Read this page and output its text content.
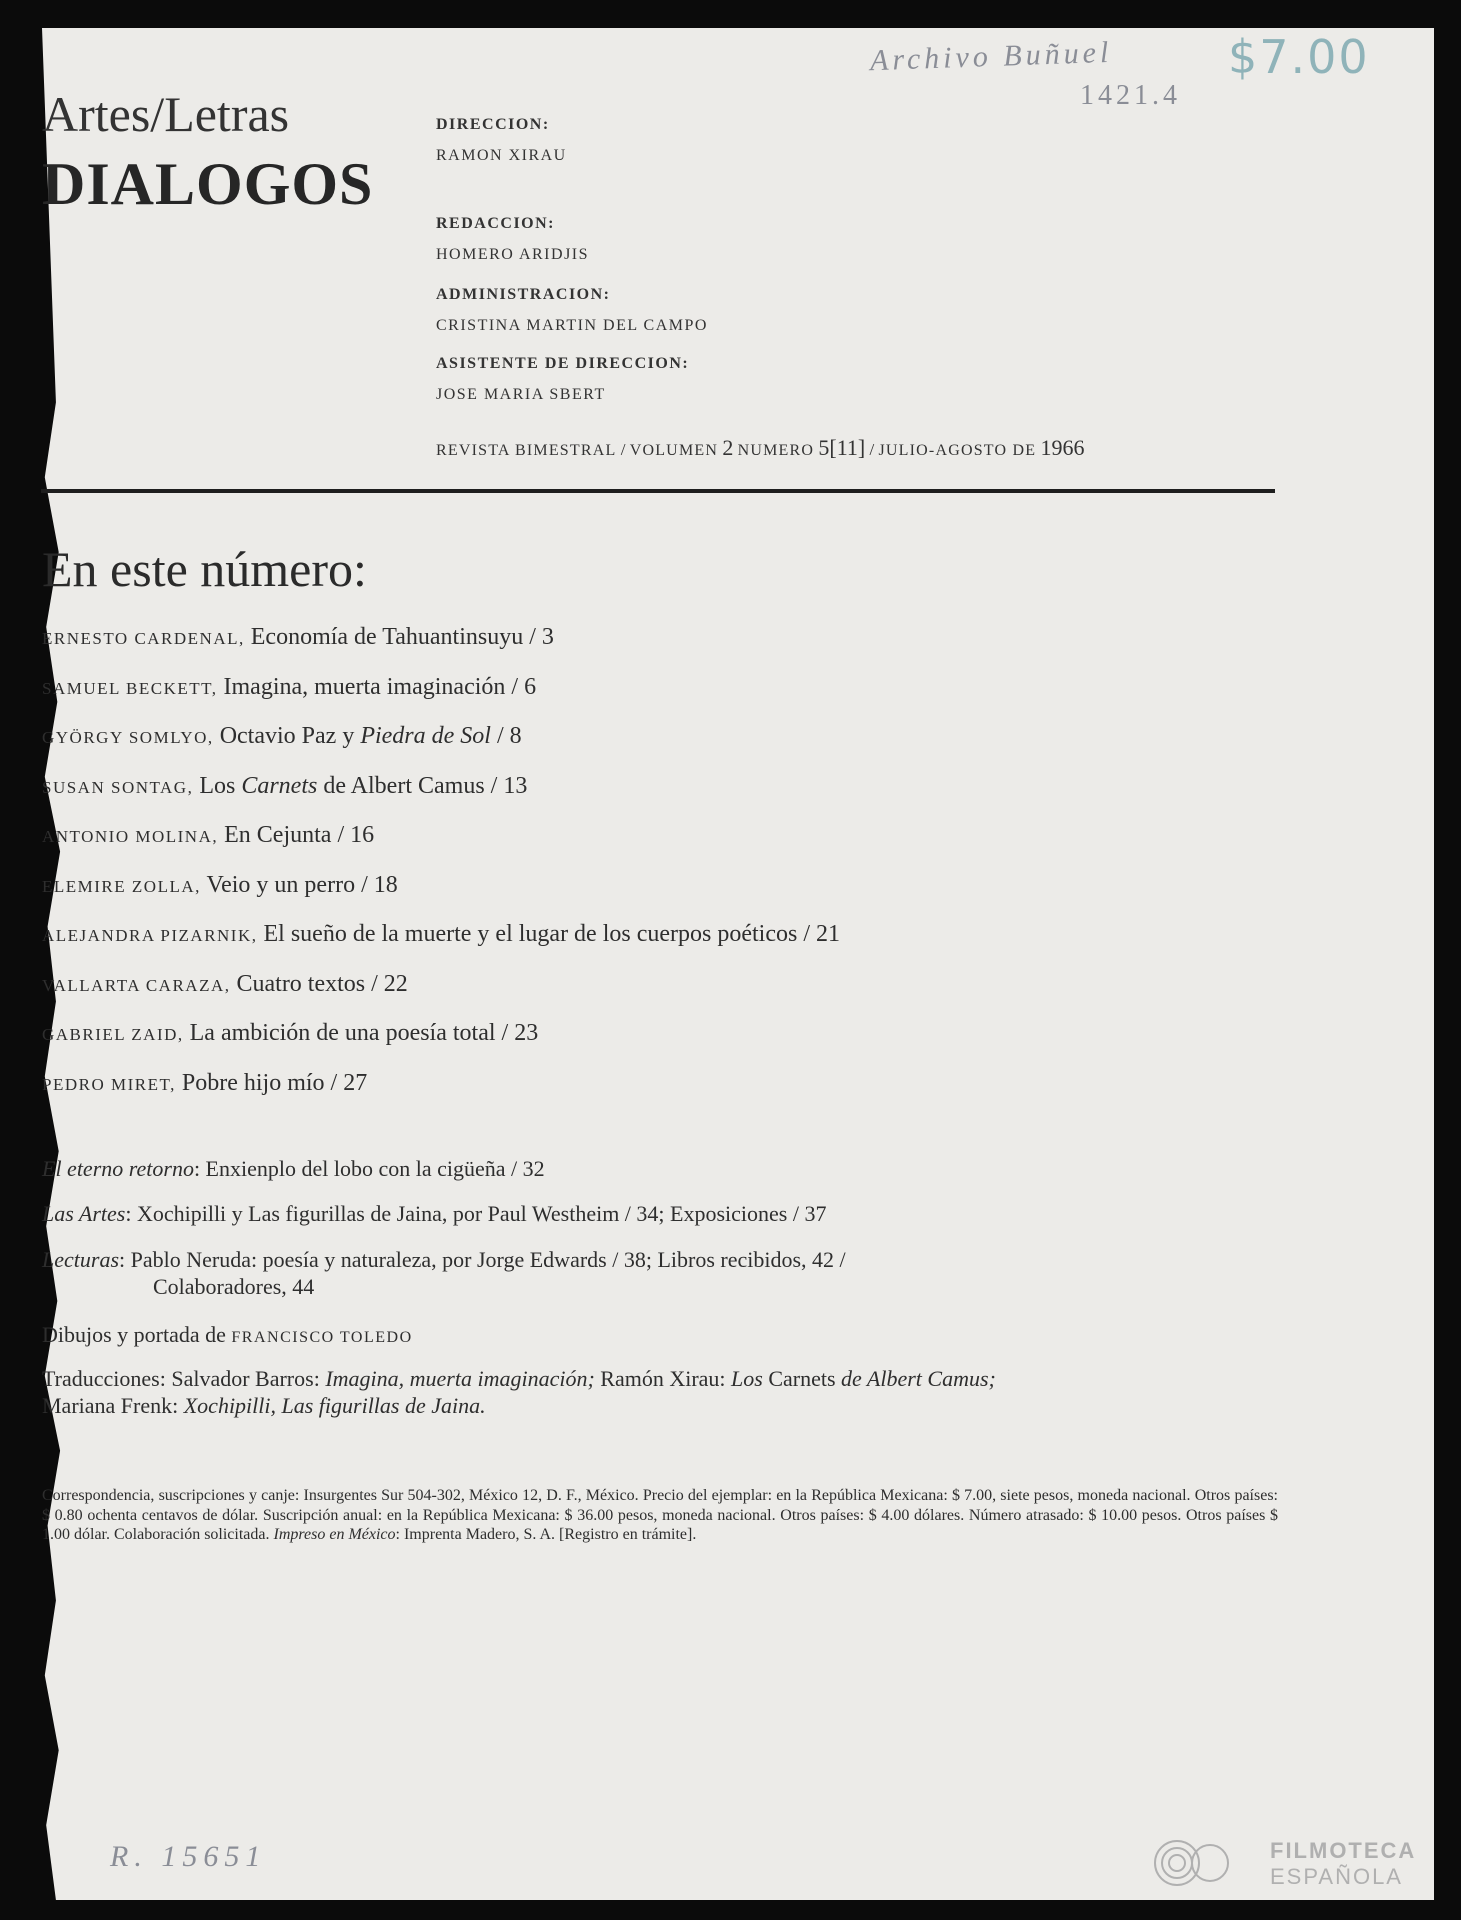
Archivo Buñuel
1421.4
$7.00
Artes/Letras
DIALOGOS
DIRECCION:
RAMON XIRAU
REDACCION:
HOMERO ARIDJIS
ADMINISTRACION:
CRISTINA MARTIN DEL CAMPO
ASISTENTE DE DIRECCION:
JOSE MARIA SBERT
REVISTA BIMESTRAL / VOLUMEN 2 NUMERO 5[11] / JULIO-AGOSTO DE 1966
En este número:
ERNESTO CARDENAL, Economía de Tahuantinsuyu / 3
SAMUEL BECKETT, Imagina, muerta imaginación / 6
GYÖRGY SOMLYO, Octavio Paz y Piedra de Sol / 8
SUSAN SONTAG, Los Carnets de Albert Camus / 13
ANTONIO MOLINA, En Cejunta / 16
ELEMIRE ZOLLA, Veio y un perro / 18
ALEJANDRA PIZARNIK, El sueño de la muerte y el lugar de los cuerpos poéticos / 21
VALLARTA CARAZA, Cuatro textos / 22
GABRIEL ZAID, La ambición de una poesía total / 23
PEDRO MIRET, Pobre hijo mío / 27
El eterno retorno: Enxienplo del lobo con la cigüeña / 32
Las Artes: Xochipilli y Las figurillas de Jaina, por Paul Westheim / 34; Exposiciones / 37
Lecturas: Pablo Neruda: poesía y naturaleza, por Jorge Edwards / 38; Libros recibidos, 42 /
Colaboradores, 44
Dibujos y portada de FRANCISCO TOLEDO
Traducciones: Salvador Barros: Imagina, muerta imaginación; Ramón Xirau: Los Carnets de Albert Camus;
Mariana Frenk: Xochipilli, Las figurillas de Jaina.
Correspondencia, suscripciones y canje: Insurgentes Sur 504-302, México 12, D. F., México. Precio del ejemplar: en la República Mexicana: $ 7.00, siete pesos, moneda nacional. Otros países: $ 0.80 ochenta centavos de dólar. Suscripción anual: en la República Mexicana: $ 36.00 pesos, moneda nacional. Otros países: $ 4.00 dólares. Número atrasado: $ 10.00 pesos. Otros países $ 1.00 dólar. Colaboración solicitada. Impreso en México: Imprenta Madero, S. A. [Registro en trámite].
R. 15651	FILMOTECA
ESPAÑOLA
